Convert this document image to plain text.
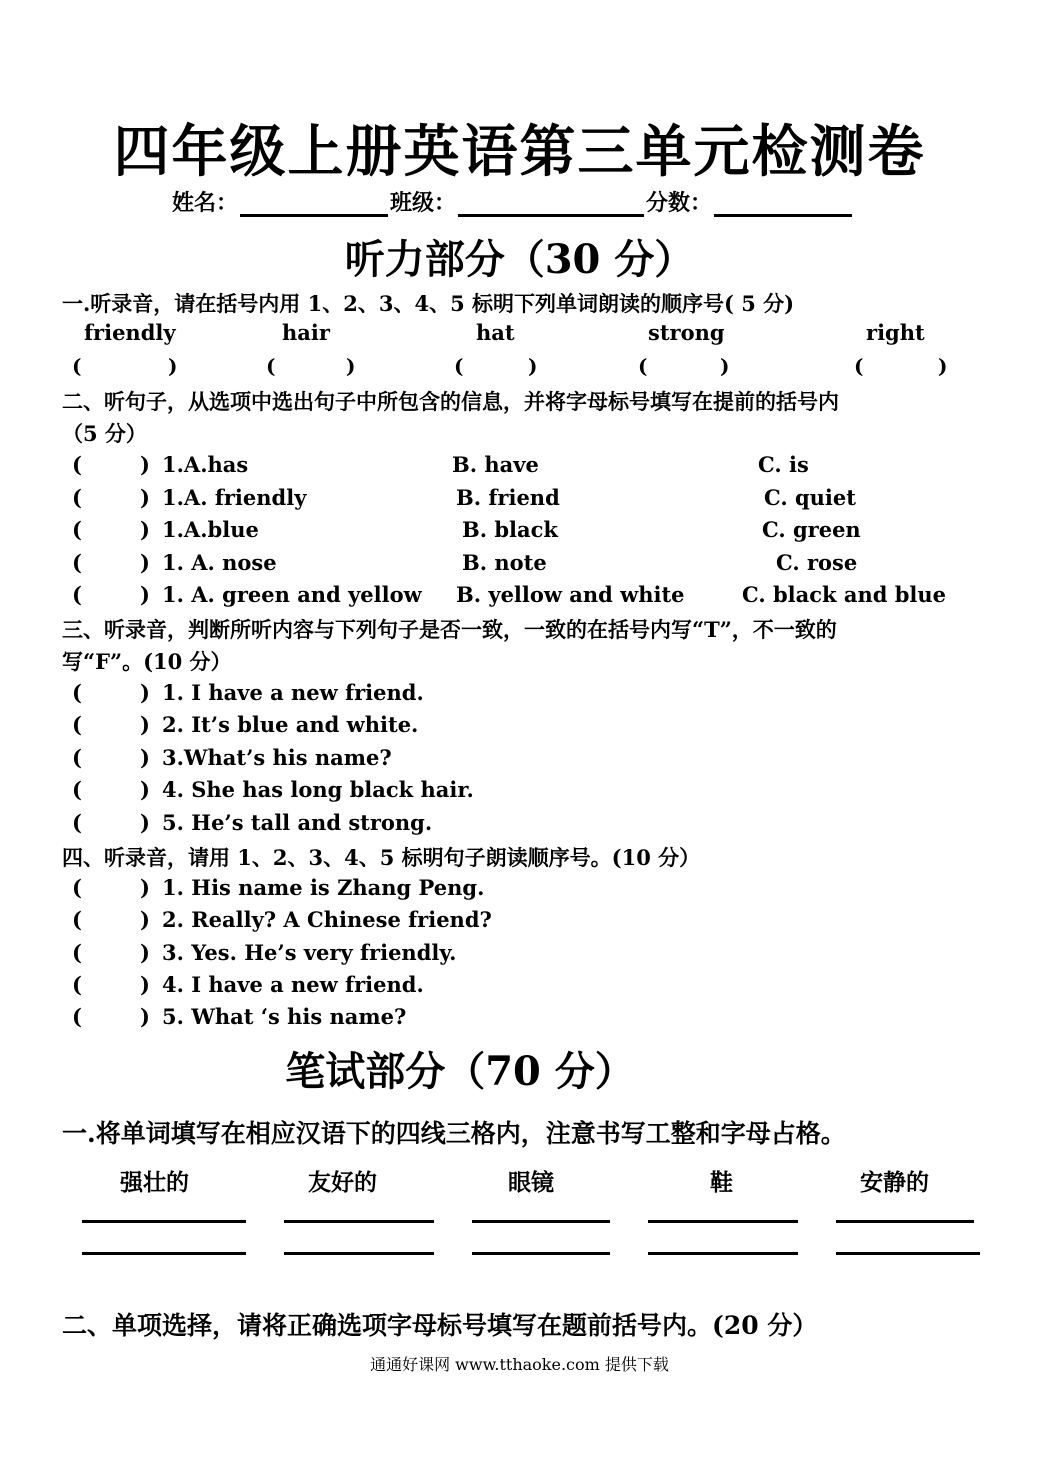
四年级上册英语第三单元检测卷
姓名：	班级：	分数：
听力部分（30 分）
一.听录音，请在括号内用 1、2、3、4、5 标明下列单词朗读的顺序号( 5 分)
friendly	hair	hat	strong	right
(	)	(	)	(	)	(	)	(	)
二、听句子，从选项中选出句子中所包含的信息，并将字母标号填写在提前的括号内
（5 分）
(	) 1.A.has	B. have	C. is
(	) 1.A. friendly	B. friend	C. quiet
(	) 1.A.blue	B. black	C. green
(	) 1. A. nose	B. note	C. rose
(	) 1. A. green and yellow B. yellow and white	C. black and blue
三、听录音，判断所听内容与下列句子是否一致，一致的在括号内写“T”，不一致的
写“F”。(10 分）
(	) 1. I have a new friend.
(	) 2. It’s blue and white.
(	) 3.What’s his name?
(	) 4. She has long black hair.
(	) 5. He’s tall and strong.
四、听录音，请用 1、2、3、4、5 标明句子朗读顺序号。(10 分）
(	) 1. His name is Zhang Peng.
(	) 2. Really? A Chinese friend?
(	) 3. Yes. He’s very friendly.
(	) 4. I have a new friend.
(	) 5. What ‘s his name?
笔试部分（70 分）
一.将单词填写在相应汉语下的四线三格内，注意书写工整和字母占格。
强壮的	友好的	眼镜	鞋	安静的
二、单项选择，请将正确选项字母标号填写在题前括号内。(20 分）
通通好课网 www.tthaoke.com 提供下载
